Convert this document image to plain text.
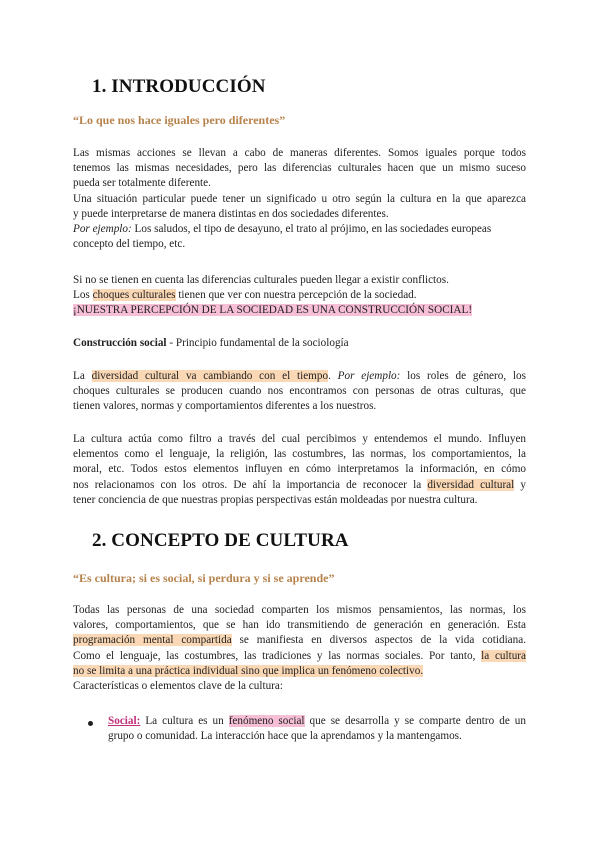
1. INTRODUCCIÓN

“Lo que nos hace iguales pero diferentes”

Las mismas acciones se llevan a cabo de maneras diferentes. Somos iguales porque todos
tenemos las mismas necesidades, pero las diferencias culturales hacen que un mismo suceso
pueda ser totalmente diferente.
Una situación particular puede tener un significado u otro según la cultura en la que aparezca
y puede interpretarse de manera distintas en dos sociedades diferentes.
Por ejemplo: Los saludos, el tipo de desayuno, el trato al prójimo, en las sociedades europeas
concepto del tiempo, etc.
Si no se tienen en cuenta las diferencias culturales pueden llegar a existir conflictos.
Los choques culturales tienen que ver con nuestra percepción de la sociedad.
¡NUESTRA PERCEPCIÓN DE LA SOCIEDAD ES UNA CONSTRUCCIÓN SOCIAL!
Construcción social - Principio fundamental de la sociología
La diversidad cultural va cambiando con el tiempo. Por ejemplo: los roles de género, los
choques culturales se producen cuando nos encontramos con personas de otras culturas, que
tienen valores, normas y comportamientos diferentes a los nuestros.
La cultura actúa como filtro a través del cual percibimos y entendemos el mundo. Influyen
elementos como el lenguaje, la religión, las costumbres, las normas, los comportamientos, la
moral, etc. Todos estos elementos influyen en cómo interpretamos la información, en cómo
nos relacionamos con los otros. De ahí la importancia de reconocer la diversidad cultural y
tener conciencia de que nuestras propias perspectivas están moldeadas por nuestra cultura.
2. CONCEPTO DE CULTURA

“Es cultura; si es social, si perdura y si se aprende”

Todas las personas de una sociedad comparten los mismos pensamientos, las normas, los
valores, comportamientos, que se han ido transmitiendo de generación en generación. Esta
programación mental compartida se manifiesta en diversos aspectos de la vida cotidiana.
Como el lenguaje, las costumbres, las tradiciones y las normas sociales. Por tanto, la cultura
no se limita a una práctica individual sino que implica un fenómeno colectivo.
Características o elementos clave de la cultura:
Social: La cultura es un fenómeno social que se desarrolla y se comparte dentro de un
grupo o comunidad. La interacción hace que la aprendamos y la mantengamos.
